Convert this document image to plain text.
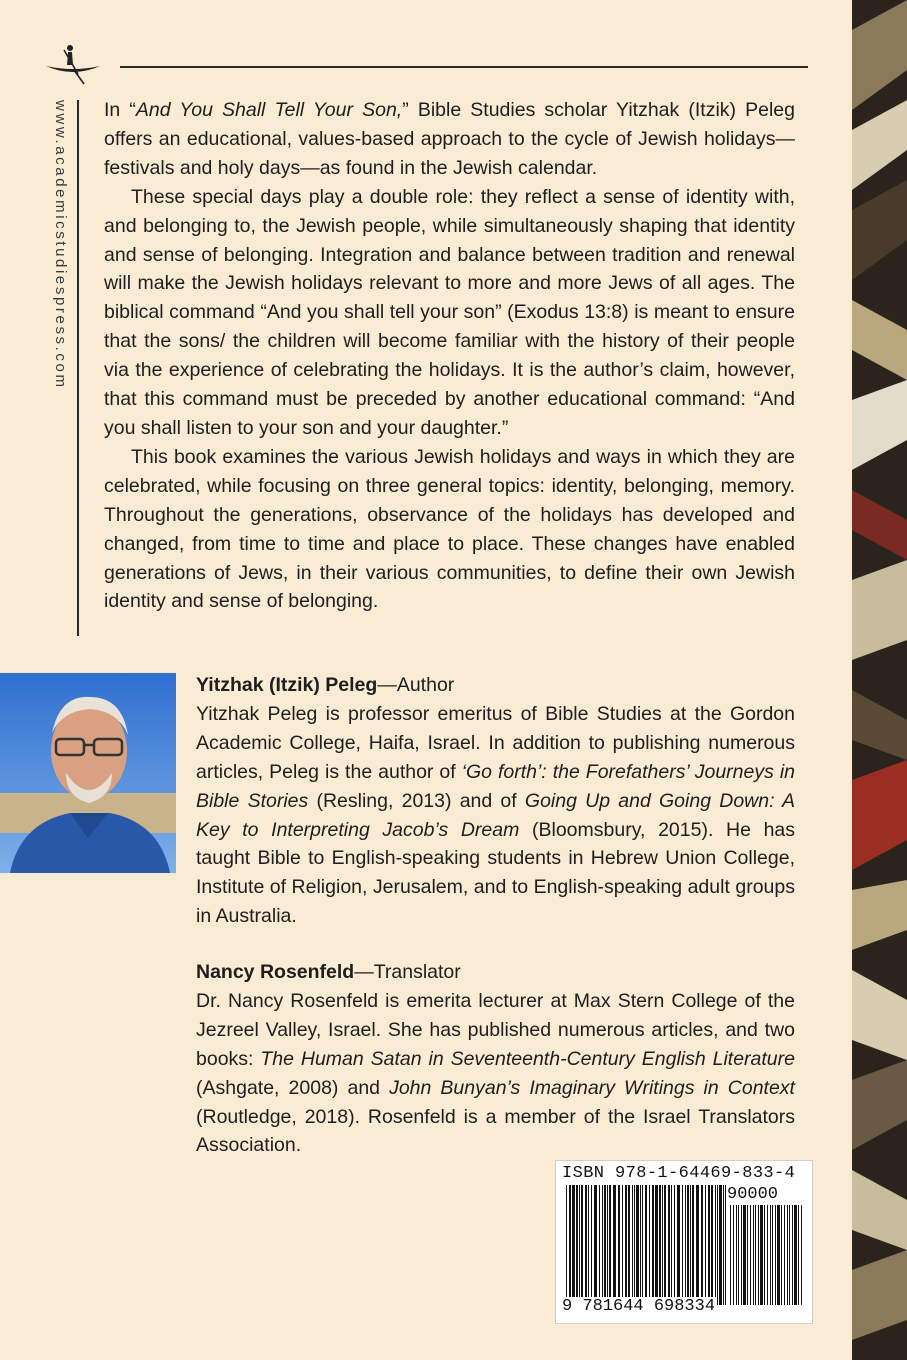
www.academicstudiespress.com In “And You Shall Tell Your Son,” Bible Studies scholar Yitzhak (Itzik) Peleg offers an educational, values-based approach to the cycle of Jewish holidays—festivals and holy days—as found in the Jewish calendar.

These special days play a double role: they reflect a sense of identity with, and belonging to, the Jewish people, while simultaneously shaping that identity and sense of belonging. Integration and balance between tradition and renewal will make the Jewish holidays relevant to more and more Jews of all ages. The biblical command “And you shall tell your son” (Exodus 13:8) is meant to ensure that the sons/ the children will become familiar with the history of their people via the experience of celebrating the holidays. It is the author’s claim, however, that this command must be preceded by another educational command: “And you shall listen to your son and your daughter.”

This book examines the various Jewish holidays and ways in which they are celebrated, while focusing on three general topics: identity, belonging, memory. Throughout the generations, observance of the holidays has developed and changed, from time to time and place to place. These changes have enabled generations of Jews, in their various communities, to define their own Jewish identity and sense of belonging.

Yitzhak (Itzik) Peleg—Author

Yitzhak Peleg is professor emeritus of Bible Studies at the Gordon Academic College, Haifa, Israel. In addition to publishing numerous articles, Peleg is the author of ‘Go forth’: the Forefathers’ Journeys in Bible Stories (Resling, 2013) and of Going Up and Going Down: A Key to Interpreting Jacob’s Dream (Bloomsbury, 2015). He has taught Bible to English-speaking students in Hebrew Union College, Institute of Religion, Jerusalem, and to English-speaking adult groups in Australia.

Nancy Rosenfeld—Translator

Dr. Nancy Rosenfeld is emerita lecturer at Max Stern College of the Jezreel Valley, Israel. She has published numerous articles, and two books: The Human Satan in Seventeenth-Century English Literature (Ashgate, 2008) and John Bunyan’s Imaginary Writings in Context (Routledge, 2018). Rosenfeld is a member of the Israel Translators Association.

ISBN 978-1-64469-833-4
90000
9 781644 698334
